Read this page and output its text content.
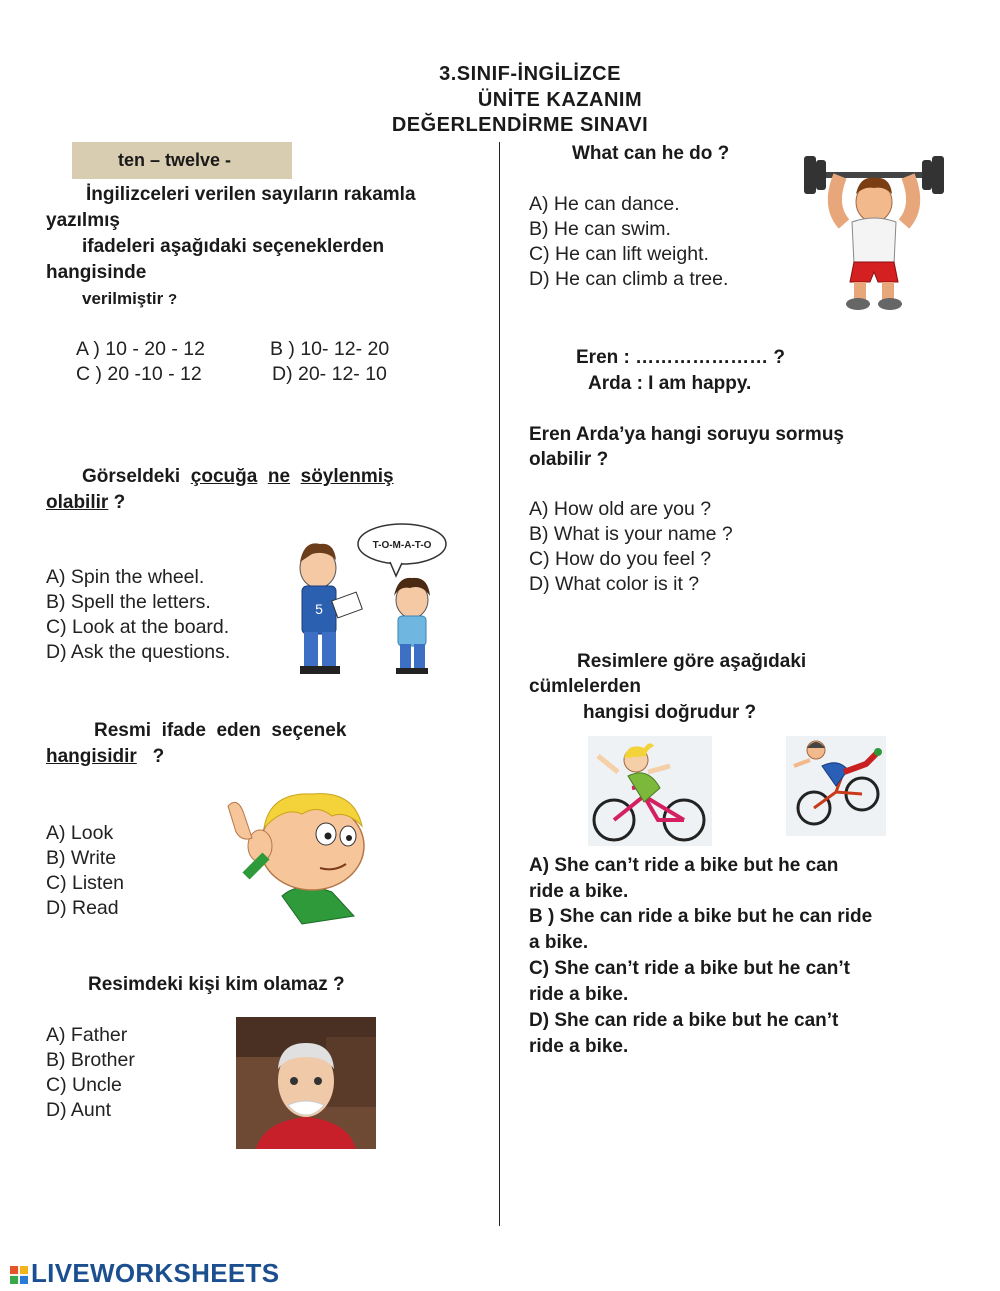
3.SINIF-İNGİLİZCE
ÜNİTE KAZANIM
DEĞERLENDİRME SINAVI
ten – twelve -
İngilizceleri verilen sayıların rakamla
yazılmış
ifadeleri aşağıdaki seçeneklerden
hangisinde
verilmiştir ?
A ) 10 - 20 - 12	B ) 10- 12- 20
C ) 20 -10 - 12	D) 20- 12- 10
Görseldeki çocuğa ne söylenmiş
olabilir ?
A) Spin the wheel.
B) Spell the letters.
C) Look at the board.
D) Ask the questions.
T-O-M-A-T-O
5
Resmi  ifade  eden  seçenek
hangisidir ?
A) Look
B) Write
C) Listen
D) Read
Resimdeki kişi kim olamaz ?
A) Father
B) Brother
C) Uncle
D) Aunt
What can he do ?
A) He can dance.
B) He can swim.
C) He can lift weight.
D) He can climb a tree.
Eren : ………………… ?
Arda : I am happy.
Eren Arda’ya hangi soruyu sormuş
olabilir ?
A) How old are you ?
B) What is your name ?
C) How do you feel ?
D) What color is it ?
Resimlere göre aşağıdaki
cümlelerden
hangisi doğrudur ?
A) She can’t ride a bike but he can
ride a bike.
B ) She can ride a bike but he can ride
a bike.
C) She can’t ride a bike but he can’t
ride a bike.
D) She can ride a bike but he can’t
ride a bike.
LIVEWORKSHEETS
